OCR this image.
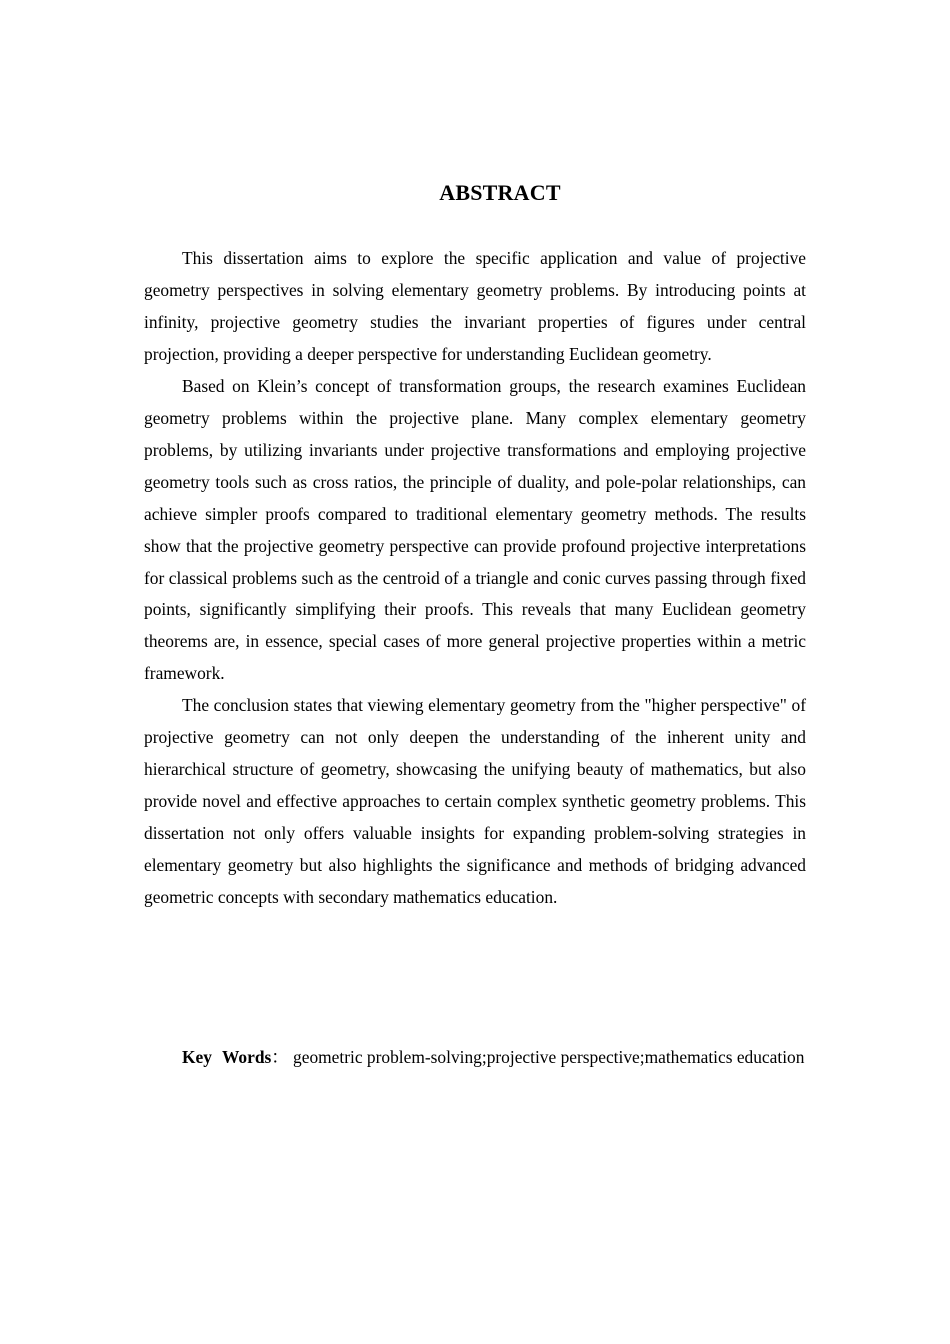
ABSTRACT

This dissertation aims to explore the specific application and value of projective geometry perspectives in solving elementary geometry problems. By introducing points at infinity, projective geometry studies the invariant properties of figures under central projection, providing a deeper perspective for understanding Euclidean geometry.

Based on Klein’s concept of transformation groups, the research examines Euclidean geometry problems within the projective plane. Many complex elementary geometry problems, by utilizing invariants under projective transformations and employing projective geometry tools such as cross ratios, the principle of duality, and pole-polar relationships, can achieve simpler proofs compared to traditional elementary geometry methods. The results show that the projective geometry perspective can provide profound projective interpretations for classical problems such as the centroid of a triangle and conic curves passing through fixed points, significantly simplifying their proofs. This reveals that many Euclidean geometry theorems are, in essence, special cases of more general projective properties within a metric framework.

The conclusion states that viewing elementary geometry from the "higher perspective" of projective geometry can not only deepen the understanding of the inherent unity and hierarchical structure of geometry, showcasing the unifying beauty of mathematics, but also provide novel and effective approaches to certain complex synthetic geometry problems. This dissertation not only offers valuable insights for expanding problem-solving strategies in elementary geometry but also highlights the significance and methods of bridging advanced geometric concepts with secondary mathematics education.

Key Words： geometric problem-solving;projective perspective;mathematics education
